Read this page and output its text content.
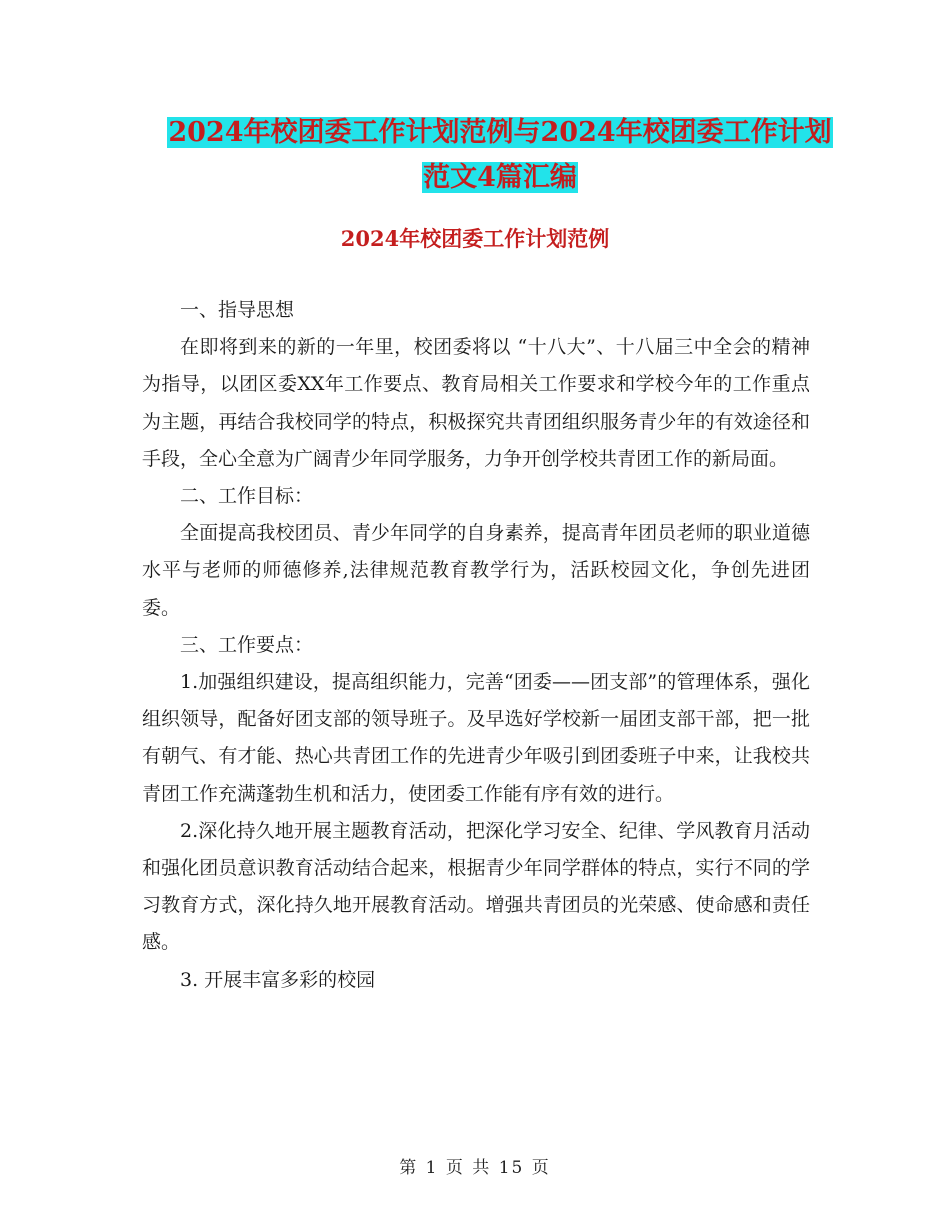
2024年校团委工作计划范例与2024年校团委工作计划
范文4篇汇编
2024年校团委工作计划范例

一、指导思想

在即将到来的新的一年里，校团委将以 “十八大”、十八届三中全会的精神为指导，以团区委XX年工作要点、教育局相关工作要求和学校今年的工作重点为主题，再结合我校同学的特点，积极探究共青团组织服务青少年的有效途径和手段，全心全意为广阔青少年同学服务，力争开创学校共青团工作的新局面。

二、工作目标：

全面提高我校团员、青少年同学的自身素养，提高青年团员老师的职业道德水平与老师的师德修养,法律规范教育教学行为，活跃校园文化，争创先进团委。

三、工作要点：

1.加强组织建设，提高组织能力，完善“团委——团支部”的管理体系，强化组织领导，配备好团支部的领导班子。及早选好学校新一届团支部干部，把一批有朝气、有才能、热心共青团工作的先进青少年吸引到团委班子中来，让我校共青团工作充满蓬勃生机和活力，使团委工作能有序有效的进行。

2.深化持久地开展主题教育活动，把深化学习安全、纪律、学风教育月活动和强化团员意识教育活动结合起来，根据青少年同学群体的特点，实行不同的学习教育方式，深化持久地开展教育活动。增强共青团员的光荣感、使命感和责任感。

3. 开展丰富多彩的校园

第 1 页 共 15 页
